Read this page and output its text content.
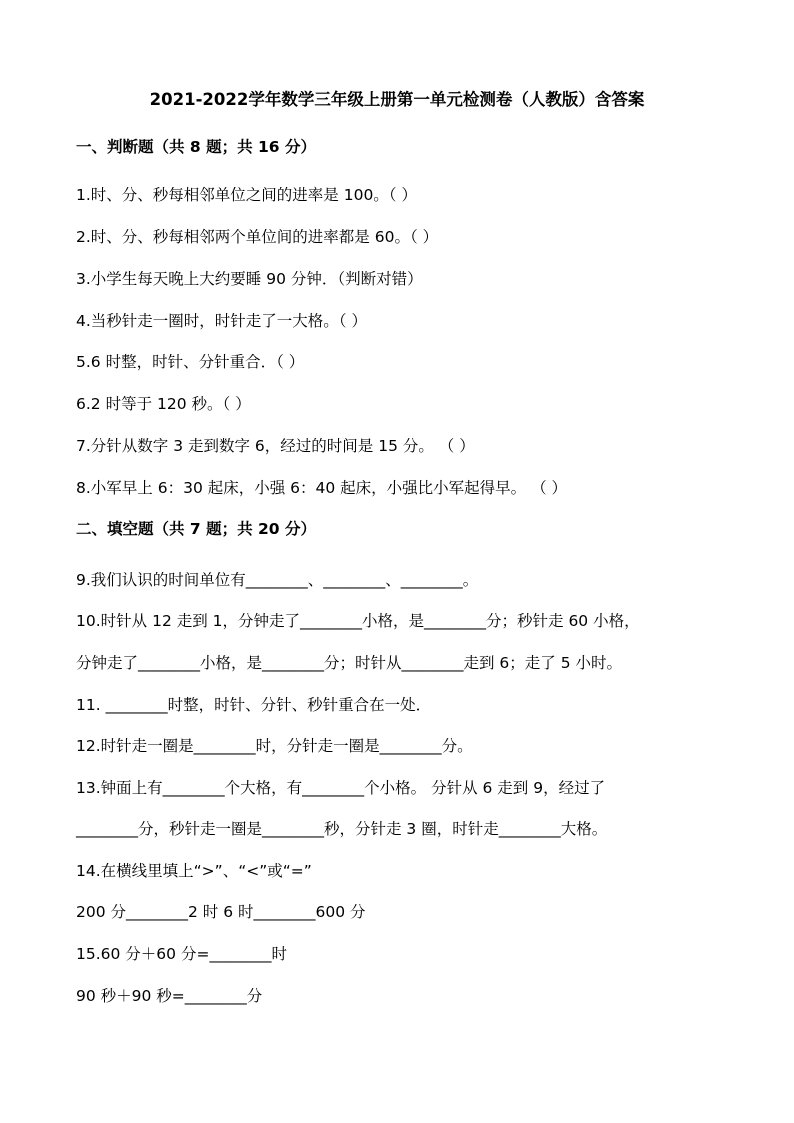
2021-2022学年数学三年级上册第一单元检测卷（人教版）含答案
一、判断题（共 8 题；共 16 分）
1.时、分、秒每相邻单位之间的进率是 100。（ ）
2.时、分、秒每相邻两个单位间的进率都是 60。（ ）
3.小学生每天晚上大约要睡 90 分钟．（判断对错）
4.当秒针走一圈时，时针走了一大格。（ ）
5.6 时整，时针、分针重合．（ ）
6.2 时等于 120 秒。（ ）
7.分针从数字 3 走到数字 6，经过的时间是 15 分。 （ ）
8.小军早上 6：30 起床，小强 6：40 起床，小强比小军起得早。 （ ）
二、填空题（共 7 题；共 20 分）
9.我们认识的时间单位有________、________、________。
10.时针从 12 走到 1，分钟走了________小格，是________分；秒针走 60 小格，
分钟走了________小格，是________分；时针从________走到 6；走了 5 小时。
11. ________时整，时针、分针、秒针重合在一处．
12.时针走一圈是________时，分针走一圈是________分。
13.钟面上有________个大格，有________个小格。 分针从 6 走到 9，经过了
________分，秒针走一圈是________秒，分针走 3 圈，时针走________大格。
14.在横线里填上“>”、“<”或“=”
200 分________2 时 6 时________600 分
15.60 分＋60 分=________时
90 秒＋90 秒=________分
